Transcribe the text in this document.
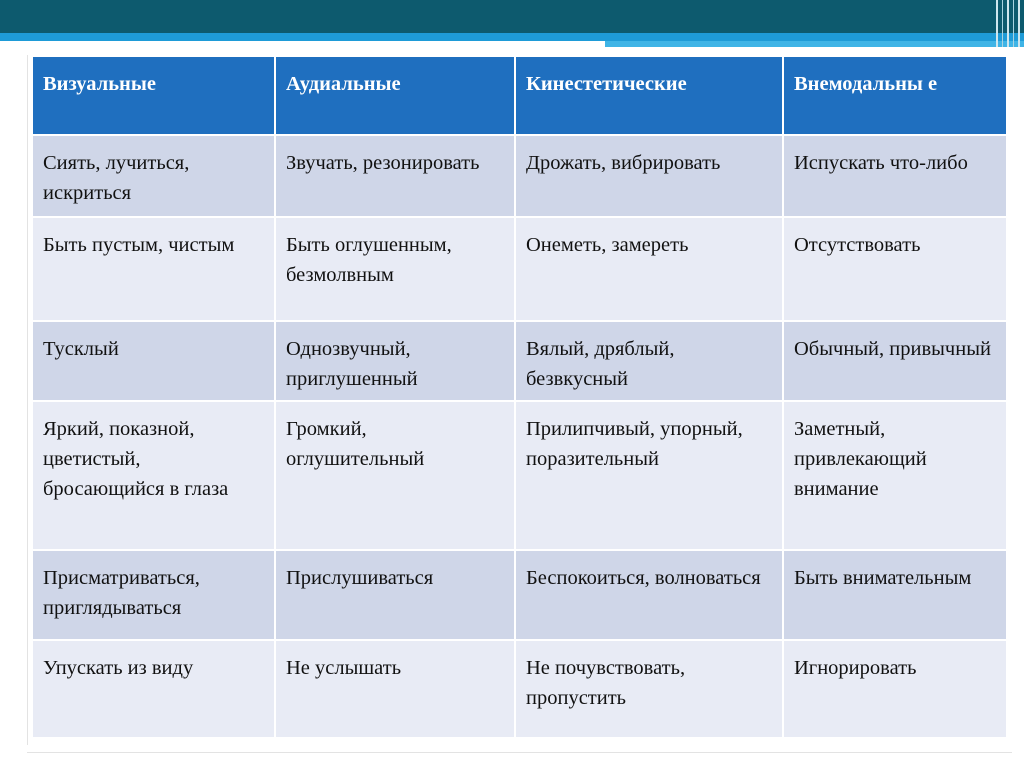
Визуальные	Аудиальные	Кинестетические	Внемодальны е
Сиять, лучиться, искриться	Звучать, резонировать	Дрожать, вибрировать	Испускать что-либо
Быть пустым, чистым	Быть оглушенным, безмолвным	Онеметь, замереть	Отсутствовать
Тусклый	Однозвучный, приглушенный	Вялый, дряблый, безвкусный	Обычный, привычный
Яркий, показной, цветистый, бросающийся в глаза	Громкий, оглушительный	Прилипчивый, упорный, поразительный	Заметный, привлекающий внимание
Присматриваться, приглядываться	Прислушиваться	Беспокоиться, волноваться	Быть внимательным
Упускать из виду	Не услышать	Не почувствовать, пропустить	Игнорировать
